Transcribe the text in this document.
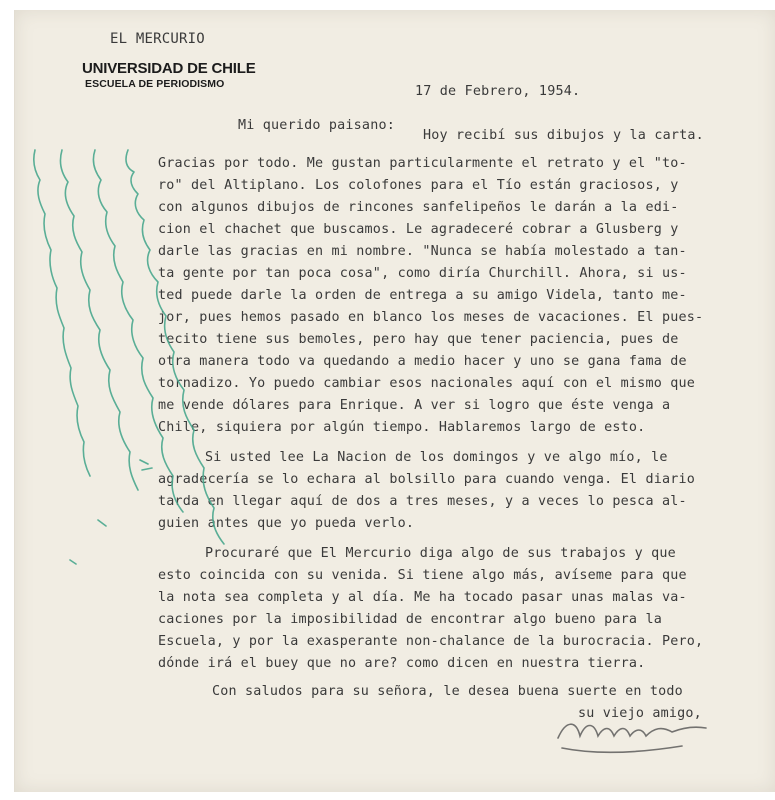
EL MERCURIO
UNIVERSIDAD DE CHILE
ESCUELA DE PERIODISMO	17 de Febrero, 1954.
Mi querido paisano:
Hoy recibí sus dibujos y la carta.
Gracias por todo. Me gustan particularmente el retrato y el "to-
ro" del Altiplano. Los colofones para el Tío están graciosos, y
con algunos dibujos de rincones sanfelipeños le darán a la edi-
cion el chachet que buscamos. Le agradeceré cobrar a Glusberg y
darle las gracias en mi nombre. "Nunca se había molestado a tan-
ta gente por tan poca cosa", como diría Churchill. Ahora, si us-
ted puede darle la orden de entrega a su amigo Videla, tanto me-
jor, pues hemos pasado en blanco los meses de vacaciones. El pues-
tecito tiene sus bemoles, pero hay que tener paciencia, pues de
otra manera todo va quedando a medio hacer y uno se gana fama de
tornadizo. Yo puedo cambiar esos nacionales aquí con el mismo que
me vende dólares para Enrique. A ver si logro que éste venga a
Chile, siquiera por algún tiempo. Hablaremos largo de esto.
Si usted lee La Nacion de los domingos y ve algo mío, le
agradecería se lo echara al bolsillo para cuando venga. El diario
tarda en llegar aquí de dos a tres meses, y a veces lo pesca al-
guien antes que yo pueda verlo.
Procuraré que El Mercurio diga algo de sus trabajos y que
esto coincida con su venida. Si tiene algo más, avíseme para que
la nota sea completa y al día. Me ha tocado pasar unas malas va-
caciones por la imposibilidad de encontrar algo bueno para la
Escuela, y por la exasperante non-chalance de la burocracia. Pero,
dónde irá el buey que no are? como dicen en nuestra tierra.
Con saludos para su señora, le desea buena suerte en todo
su viejo amigo,
